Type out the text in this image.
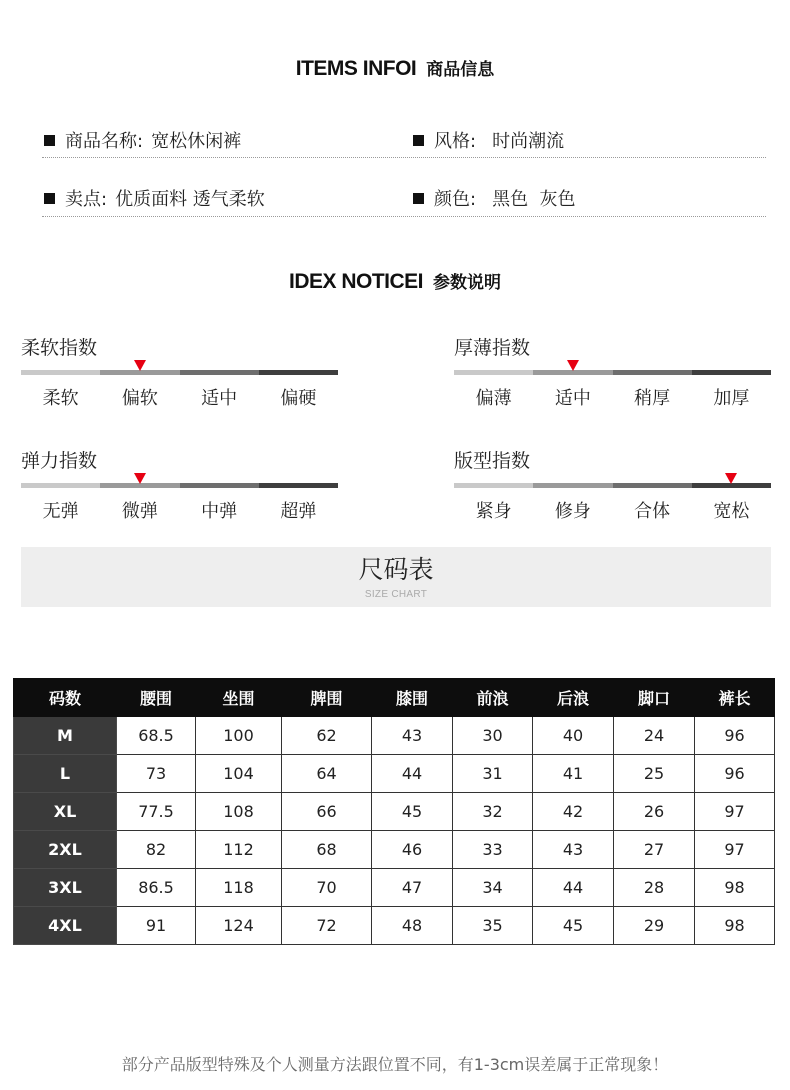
ITEMS INFOI 商品信息
商品名称: 宽松休闲裤	风格: 时尚潮流
卖点: 优质面料 透气柔软	颜色: 黑色  灰色
IDEX NOTICEI 参数说明
柔软指数
柔软	偏软	适中	偏硬
厚薄指数
偏薄	适中	稍厚	加厚
弹力指数
无弹	微弹	中弹	超弹
版型指数
紧身	修身	合体	宽松
尺码表
SIZE CHART
码数	腰围	坐围	脾围	膝围	前浪	后浪	脚口	裤长
M	68.5	100	62	43	30	40	24	96
L	73	104	64	44	31	41	25	96
XL	77.5	108	66	45	32	42	26	97
2XL	82	112	68	46	33	43	27	97
3XL	86.5	118	70	47	34	44	28	98
4XL	91	124	72	48	35	45	29	98
部分产品版型特殊及个人测量方法跟位置不同，有1-3cm误差属于正常现象！
